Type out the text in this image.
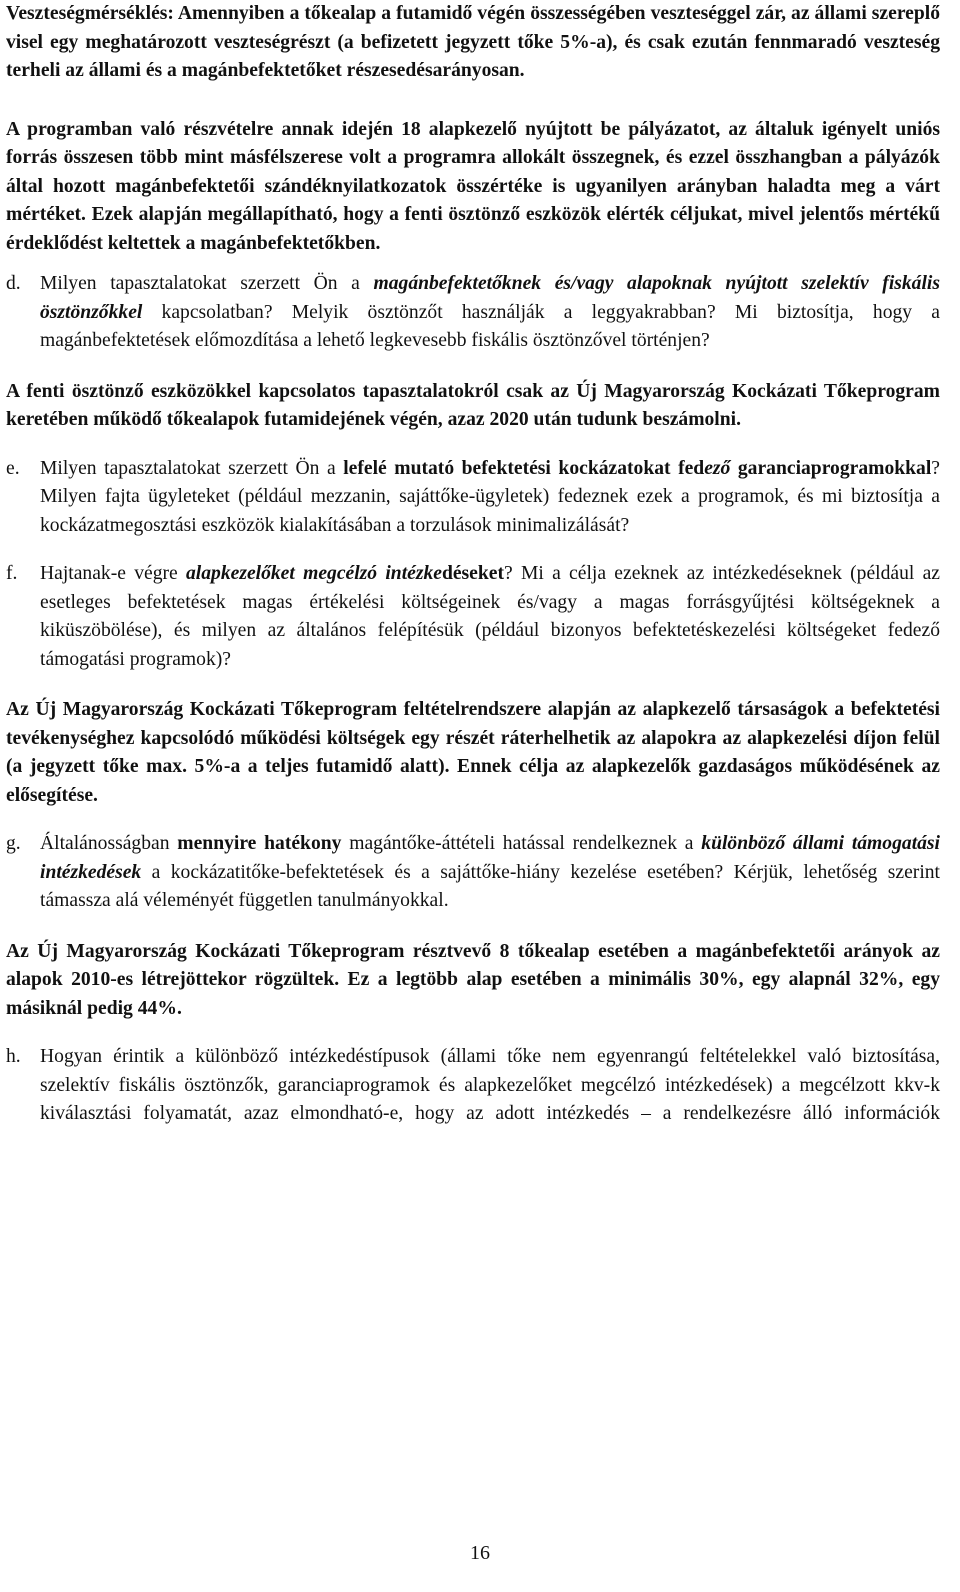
Veszteségmérséklés: Amennyiben a tőkealap a futamidő végén összességében veszteséggel zár, az állami szereplő visel egy meghatározott veszteségrészt (a befizetett jegyzett tőke 5%-a), és csak ezután fennmaradó veszteség terheli az állami és a magánbefektetőket részesedésarányosan.

A programban való részvételre annak idején 18 alapkezelő nyújtott be pályázatot, az általuk igényelt uniós forrás összesen több mint másfélszerese volt a programra allokált összegnek, és ezzel összhangban a pályázók által hozott magánbefektetői szándéknyilatkozatok összértéke is ugyanilyen arányban haladta meg a várt mértéket. Ezek alapján megállapítható, hogy a fenti ösztönző eszközök elérték céljukat, mivel jelentős mértékű érdeklődést keltettek a magánbefektetőkben.

d. Milyen tapasztalatokat szerzett Ön a magánbefektetőknek és/vagy alapoknak nyújtott szelektív fiskális ösztönzőkkel kapcsolatban? Melyik ösztönzőt használják a leggyakrabban? Mi biztosítja, hogy a magánbefektetések előmozdítása a lehető legkevesebb fiskális ösztönzővel történjen?

A fenti ösztönző eszközökkel kapcsolatos tapasztalatokról csak az Új Magyarország Kockázati Tőkeprogram keretében működő tőkealapok futamidejének végén, azaz 2020 után tudunk beszámolni.

e.	Milyen tapasztalatokat szerzett Ön a lefelé mutató befektetési kockázatokat fedező garanciaprogramokkal? Milyen fajta ügyleteket (például mezzanin, sajáttőke-ügyletek) fedeznek ezek a programok, és mi biztosítja a kockázatmegosztási eszközök kialakításában a torzulások minimalizálását?

f.	Hajtanak-e végre alapkezelőket megcélzó intézkedéseket? Mi a célja ezeknek az intézkedéseknek (például az esetleges befektetések magas értékelési költségeinek és/vagy a magas forrásgyűjtési költségeknek a kiküszöbölése), és milyen az általános felépítésük (például bizonyos befektetéskezelési költségeket fedező támogatási programok)?

Az Új Magyarország Kockázati Tőkeprogram feltételrendszere alapján az alapkezelő társaságok a befektetési tevékenységhez kapcsolódó működési költségek egy részét ráterhelhetik az alapokra az alapkezelési díjon felül (a jegyzett tőke max. 5%-a a teljes futamidő alatt). Ennek célja az alapkezelők gazdaságos működésének az elősegítése.

g. Általánosságban mennyire hatékony magántőke-áttételi hatással rendelkeznek a különböző állami támogatási intézkedések a kockázatitőke-befektetések és a sajáttőke-hiány kezelése esetében? Kérjük, lehetőség szerint támassza alá véleményét független tanulmányokkal.

Az Új Magyarország Kockázati Tőkeprogram résztvevő 8 tőkealap esetében a magánbefektetői arányok az alapok 2010-es létrejöttekor rögzültek. Ez a legtöbb alap esetében a minimális 30%, egy alapnál 32%, egy másiknál pedig 44%.

h. Hogyan érintik a különböző intézkedéstípusok (állami tőke nem egyenrangú feltételekkel való biztosítása, szelektív fiskális ösztönzők, garanciaprogramok és alapkezelőket megcélzó intézkedések) a megcélzott kkv-k kiválasztási folyamatát, azaz elmondható-e, hogy az adott intézkedés – a rendelkezésre álló információk

16
